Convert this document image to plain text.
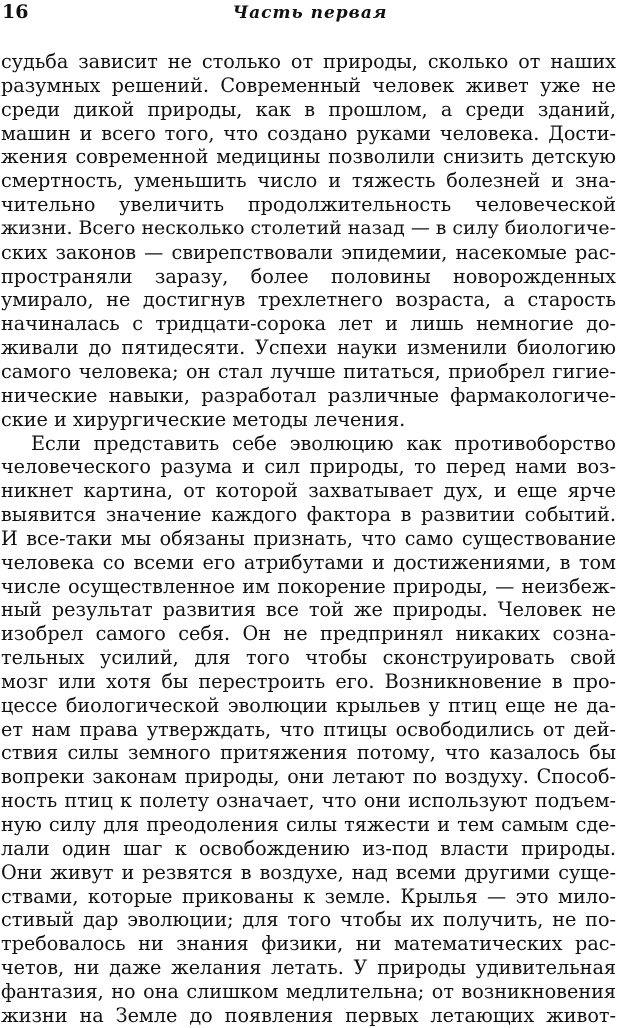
16	Часть первая
судьба зависит не столько от природы, сколько от наших
разумных решений. Современный человек живет уже не
среди дикой природы, как в прошлом, а среди зданий,
машин и всего того, что создано руками человека. Дости-
жения современной медицины позволили снизить детскую
смертность, уменьшить число и тяжесть болезней и зна-
чительно увеличить продолжительность человеческой
жизни. Всего несколько столетий назад — в силу биологиче-
ских законов — свирепствовали эпидемии, насекомые рас-
пространяли заразу, более половины новорожденных
умирало, не достигнув трехлетнего возраста, а старость
начиналась с тридцати-сорока лет и лишь немногие до-
живали до пятидесяти. Успехи науки изменили биологию
самого человека; он стал лучше питаться, приобрел гигие-
нические навыки, разработал различные фармакологиче-
ские и хирургические методы лечения.
Если представить себе эволюцию как противоборство
человеческого разума и сил природы, то перед нами воз-
никнет картина, от которой захватывает дух, и еще ярче
выявится значение каждого фактора в развитии событий.
И все-таки мы обязаны признать, что само существование
человека со всеми его атрибутами и достижениями, в том
числе осуществленное им покорение природы, — неизбеж-
ный результат развития все той же природы. Человек не
изобрел самого себя. Он не предпринял никаких сознa-
тельных усилий, для того чтобы сконструировать свой
мозг или хотя бы перестроить его. Возникновение в про-
цессе биологической эволюции крыльев у птиц еще не да-
ет нам права утверждать, что птицы освободились от дей-
ствия силы земного притяжения потому, что казалось бы
вопреки законам природы, они летают по воздуху. Способ-
ность птиц к полету означает, что они используют подъем-
ную силу для преодоления силы тяжести и тем самым сде-
лали один шаг к освобождению из-под власти природы.
Они живут и резвятся в воздухе, над всеми другими суще-
ствами, которые прикованы к земле. Крылья — это мило-
стивый дар эволюции; для того чтобы их получить, не по-
требовалось ни знания физики, ни математических рас-
четов, ни даже желания летать. У природы удивительная
фантазия, но она слишком медлительна; от возникновения
жизни на Земле до появления первых летающих живот-
